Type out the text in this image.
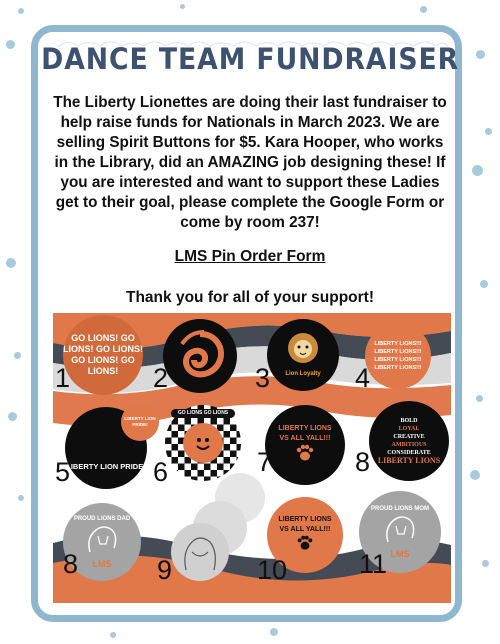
DANCE TEAM FUNDRAISER
The Liberty Lionettes are doing their last fundraiser to help raise funds for Nationals in March 2023. We are selling Spirit Buttons for $5. Kara Hooper, who works in the Library, did an AMAZING job designing these! If you are interested and want to support these Ladies get to their goal, please complete the Google Form or come by room 237!
LMS Pin Order Form
Thank you for all of your support!
GO LIONS! GO LIONS! GO LIONS! GO LIONS! GO LIONS!
1	2	Lion Loyalty
3
LIBERTY LIONS!!! LIBERTY LIONS!!! LIBERTY LIONS!!! LIBERTY LIONS!!!
4
LIBERTY LION PRIDE!
LIBERTY LION PRIDE!
5
GO LIONS GO LIONS
6
LIBERTY LIONS VS ALL YALL!!!
7
BOLD
LOYAL
CREATIVE
AMBITIOUS
CONSIDERATE
LIBERTY LIONS
8
PROUD LIONS DAD
LMS
8	9
LIBERTY LIONS VS ALL YALL!!!
10
PROUD LIONS MOM
LMS
11
